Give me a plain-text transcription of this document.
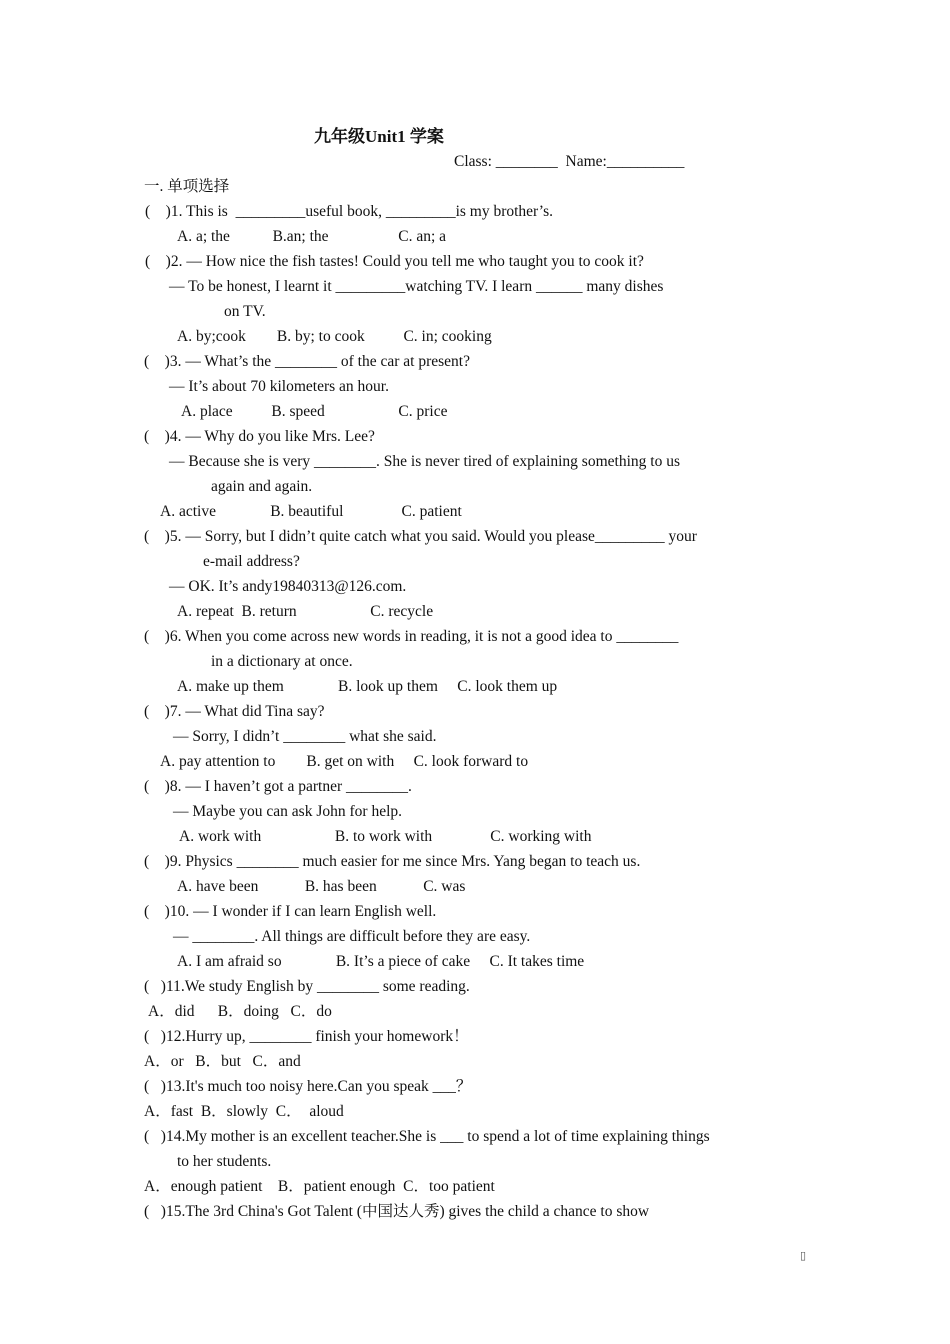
九年级Unit1 学案
Class: ________  Name:__________
一. 单项选择
(    )1. This is  _________useful book, _________is my brother’s.
A. a; the           B.an; the                  C. an; a
(    )2. — How nice the fish tastes! Could you tell me who taught you to cook it?
— To be honest, I learnt it _________watching TV. I learn ______ many dishes
on TV.
A. by;cook        B. by; to cook          C. in; cooking
(    )3. — What’s the ________ of the car at present?
— It’s about 70 kilometers an hour.
A. place          B. speed                   C. price
(    )4. — Why do you like Mrs. Lee?
— Because she is very ________. She is never tired of explaining something to us
again and again.
A. active              B. beautiful               C. patient
(    )5. — Sorry, but I didn’t quite catch what you said. Would you please_________ your
e-mail address?
— OK. It’s andy19840313@126.com.
A. repeat  B. return                   C. recycle
(    )6. When you come across new words in reading, it is not a good idea to ________
in a dictionary at once.
A. make up them              B. look up them     C. look them up
(    )7. — What did Tina say?
— Sorry, I didn’t ________ what she said.
A. pay attention to        B. get on with     C. look forward to
(    )8. — I haven’t got a partner ________.
— Maybe you can ask John for help.
A. work with                   B. to work with               C. working with
(    )9. Physics ________ much easier for me since Mrs. Yang began to teach us.
A. have been            B. has been            C. was
(    )10. — I wonder if I can learn English well.
— ________. All things are difficult before they are easy.
A. I am afraid so              B. It’s a piece of cake     C. It takes time
(   )11.We study English by ________ some reading.
A．did      B．doing   C．do
(   )12.Hurry up, ________ finish your homework！
A．or   B．but   C．and
(   )13.It's much too noisy here.Can you speak ___？
A．fast  B．slowly  C．  aloud
(   )14.My mother is an excellent teacher.She is ___ to spend a lot of time explaining things
to her students.
A．enough patient    B．patient enough  C．too patient
(   )15.The 3rd China's Got Talent (中国达人秀) gives the child a chance to show
▯
